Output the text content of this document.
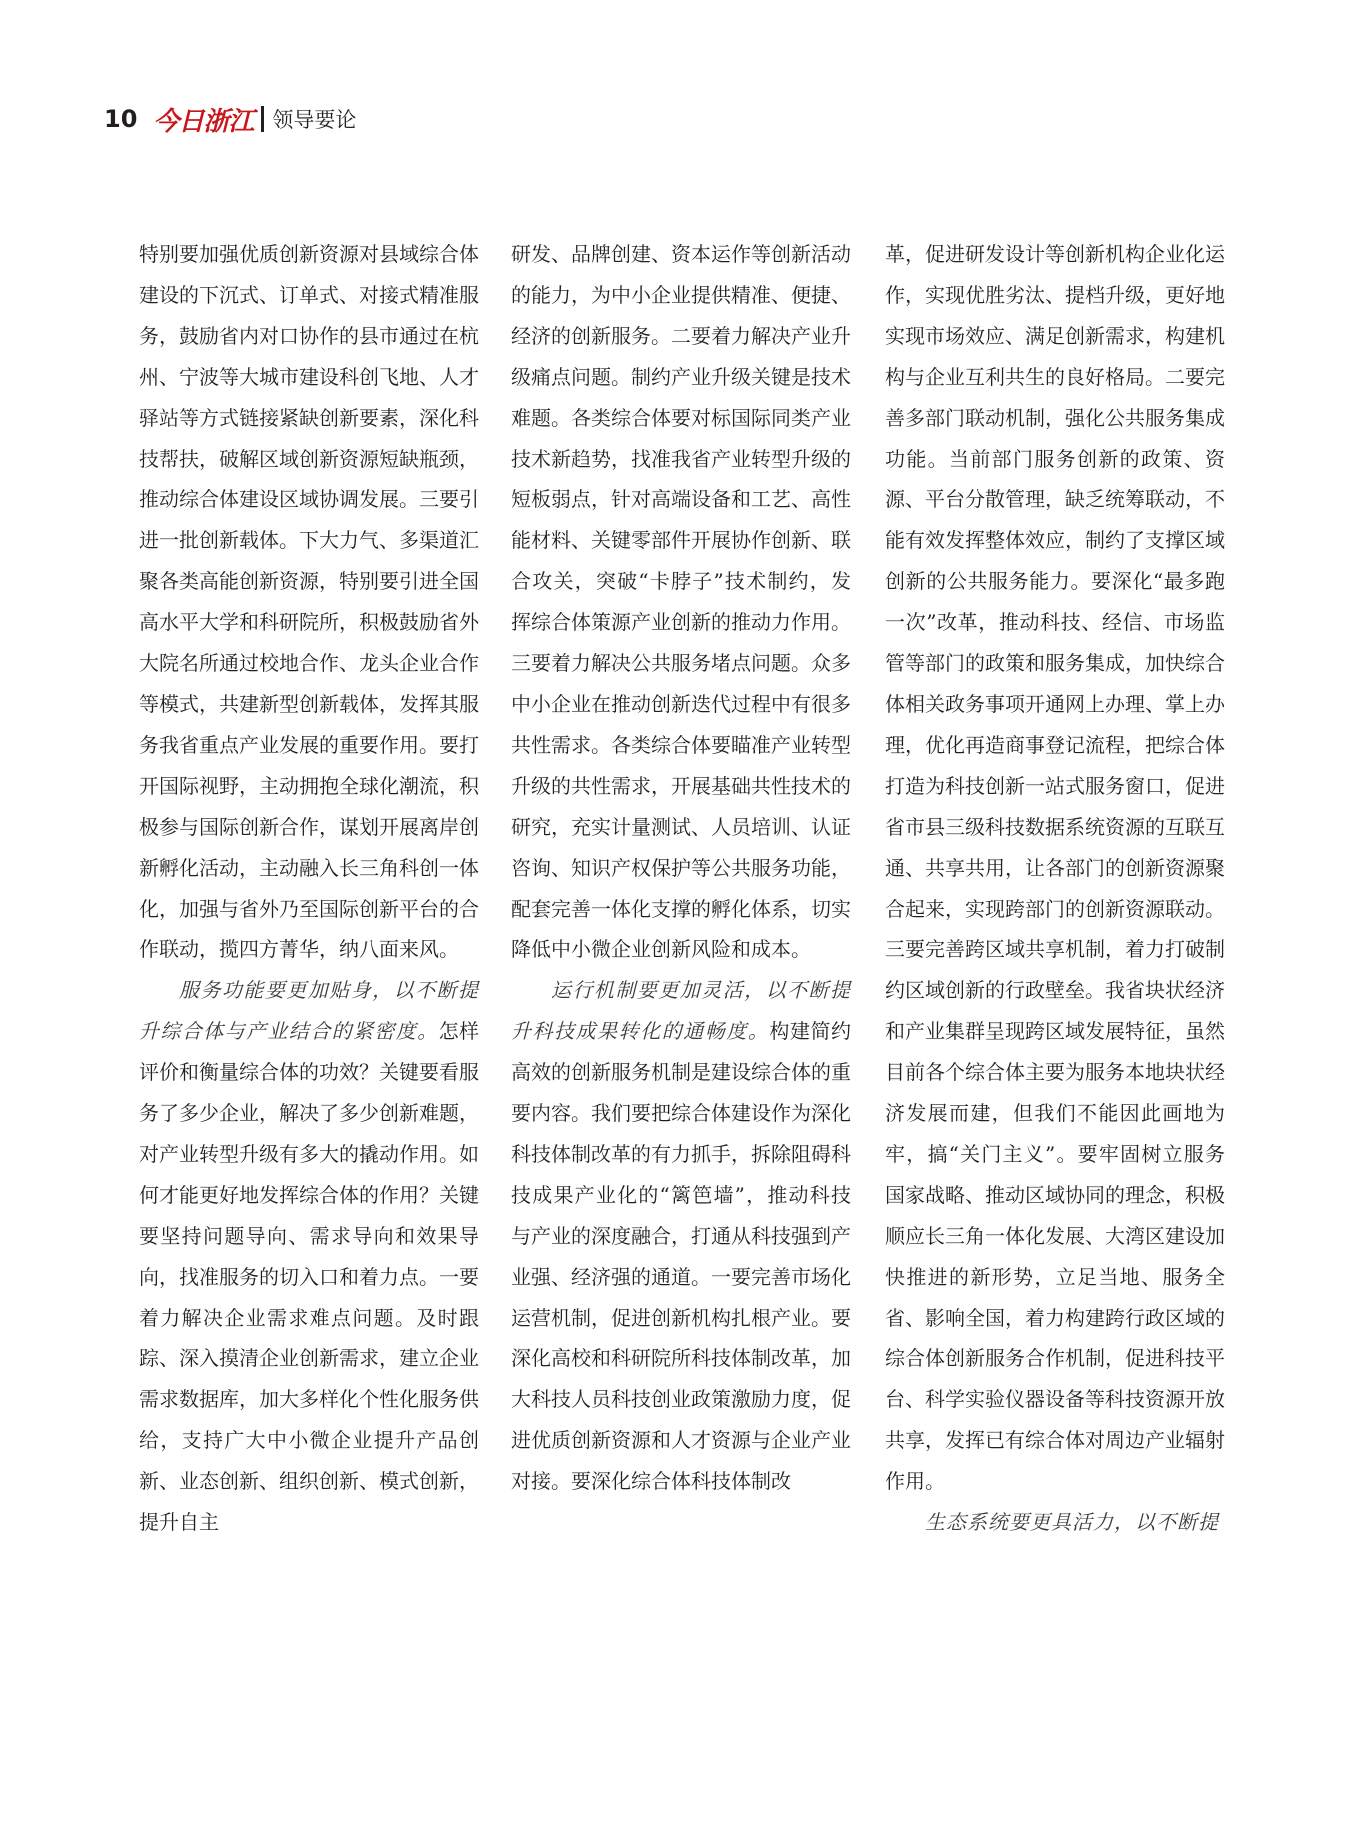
10 今日浙江 领导要论

特别要加强优质创新资源对县域综合体建设的下沉式、订单式、对接式精准服务，鼓励省内对口协作的县市通过在杭州、宁波等大城市建设科创飞地、人才驿站等方式链接紧缺创新要素，深化科技帮扶，破解区域创新资源短缺瓶颈，推动综合体建设区域协调发展。三要引进一批创新载体。下大力气、多渠道汇聚各类高能创新资源，特别要引进全国高水平大学和科研院所，积极鼓励省外大院名所通过校地合作、龙头企业合作等模式，共建新型创新载体，发挥其服务我省重点产业发展的重要作用。要打开国际视野，主动拥抱全球化潮流，积极参与国际创新合作，谋划开展离岸创新孵化活动，主动融入长三角科创一体化，加强与省外乃至国际创新平台的合作联动，揽四方菁华，纳八面来风。

服务功能要更加贴身，以不断提升综合体与产业结合的紧密度。怎样评价和衡量综合体的功效？关键要看服务了多少企业，解决了多少创新难题，对产业转型升级有多大的撬动作用。如何才能更好地发挥综合体的作用？关键要坚持问题导向、需求导向和效果导向，找准服务的切入口和着力点。一要着力解决企业需求难点问题。及时跟踪、深入摸清企业创新需求，建立企业需求数据库，加大多样化个性化服务供给，支持广大中小微企业提升产品创新、业态创新、组织创新、模式创新，提升自主

研发、品牌创建、资本运作等创新活动的能力，为中小企业提供精准、便捷、经济的创新服务。二要着力解决产业升级痛点问题。制约产业升级关键是技术难题。各类综合体要对标国际同类产业技术新趋势，找准我省产业转型升级的短板弱点，针对高端设备和工艺、高性能材料、关键零部件开展协作创新、联合攻关，突破“卡脖子”技术制约，发挥综合体策源产业创新的推动力作用。三要着力解决公共服务堵点问题。众多中小企业在推动创新迭代过程中有很多共性需求。各类综合体要瞄准产业转型升级的共性需求，开展基础共性技术的研究，充实计量测试、人员培训、认证咨询、知识产权保护等公共服务功能，配套完善一体化支撑的孵化体系，切实降低中小微企业创新风险和成本。

运行机制要更加灵活，以不断提升科技成果转化的通畅度。构建简约高效的创新服务机制是建设综合体的重要内容。我们要把综合体建设作为深化科技体制改革的有力抓手，拆除阻碍科技成果产业化的“篱笆墙”，推动科技与产业的深度融合，打通从科技强到产业强、经济强的通道。一要完善市场化运营机制，促进创新机构扎根产业。要深化高校和科研院所科技体制改革，加大科技人员科技创业政策激励力度，促进优质创新资源和人才资源与企业产业对接。要深化综合体科技体制改

革，促进研发设计等创新机构企业化运作，实现优胜劣汰、提档升级，更好地实现市场效应、满足创新需求，构建机构与企业互利共生的良好格局。二要完善多部门联动机制，强化公共服务集成功能。当前部门服务创新的政策、资源、平台分散管理，缺乏统筹联动，不能有效发挥整体效应，制约了支撑区域创新的公共服务能力。要深化“最多跑一次”改革，推动科技、经信、市场监管等部门的政策和服务集成，加快综合体相关政务事项开通网上办理、掌上办理，优化再造商事登记流程，把综合体打造为科技创新一站式服务窗口，促进省市县三级科技数据系统资源的互联互通、共享共用，让各部门的创新资源聚合起来，实现跨部门的创新资源联动。三要完善跨区域共享机制，着力打破制约区域创新的行政壁垒。我省块状经济和产业集群呈现跨区域发展特征，虽然目前各个综合体主要为服务本地块状经济发展而建，但我们不能因此画地为牢，搞“关门主义”。要牢固树立服务国家战略、推动区域协同的理念，积极顺应长三角一体化发展、大湾区建设加快推进的新形势，立足当地、服务全省、影响全国，着力构建跨行政区域的综合体创新服务合作机制，促进科技平台、科学实验仪器设备等科技资源开放共享，发挥已有综合体对周边产业辐射作用。

生态系统要更具活力，以不断提
